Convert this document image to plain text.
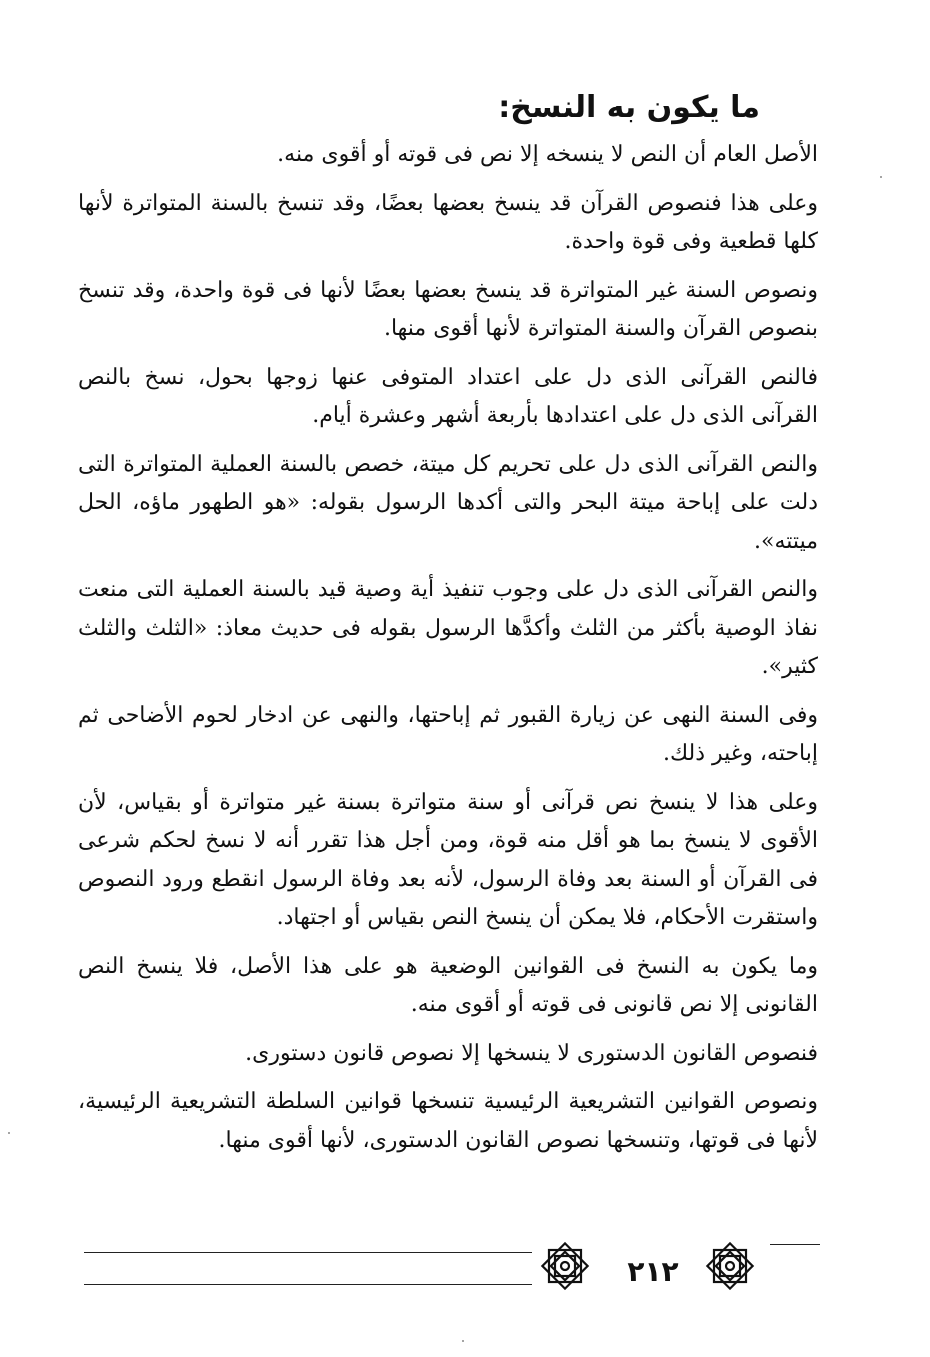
ما يكون به النسخ:

الأصل العام أن النص لا ينسخه إلا نص فى قوته أو أقوى منه.

وعلى هذا فنصوص القرآن قد ينسخ بعضها بعضًا، وقد تنسخ بالسنة المتواترة لأنها كلها قطعية وفى قوة واحدة.

ونصوص السنة غير المتواترة قد ينسخ بعضها بعضًا لأنها فى قوة واحدة، وقد تنسخ بنصوص القرآن والسنة المتواترة لأنها أقوى منها.

فالنص القرآنى الذى دل على اعتداد المتوفى عنها زوجها بحول، نسخ بالنص القرآنى الذى دل على اعتدادها بأربعة أشهر وعشرة أيام.

والنص القرآنى الذى دل على تحريم كل ميتة، خصص بالسنة العملية المتواترة التى دلت على إباحة ميتة البحر والتى أكدها الرسول بقوله: «هو الطهور ماؤه، الحل ميتته».

والنص القرآنى الذى دل على وجوب تنفيذ أية وصية قيد بالسنة العملية التى منعت نفاذ الوصية بأكثر من الثلث وأكدَّها الرسول بقوله فى حديث معاذ: «الثلث والثلث كثير».

وفى السنة النهى عن زيارة القبور ثم إباحتها، والنهى عن ادخار لحوم الأضاحى ثم إباحته، وغير ذلك.

وعلى هذا لا ينسخ نص قرآنى أو سنة متواترة بسنة غير متواترة أو بقياس، لأن الأقوى لا ينسخ بما هو أقل منه قوة، ومن أجل هذا تقرر أنه لا نسخ لحكم شرعى فى القرآن أو السنة بعد وفاة الرسول، لأنه بعد وفاة الرسول انقطع ورود النصوص واستقرت الأحكام، فلا يمكن أن ينسخ النص بقياس أو اجتهاد.

وما يكون به النسخ فى القوانين الوضعية هو على هذا الأصل، فلا ينسخ النص القانونى إلا نص قانونى فى قوته أو أقوى منه.

فنصوص القانون الدستورى لا ينسخها إلا نصوص قانون دستورى.

ونصوص القوانين التشريعية الرئيسية تنسخها قوانين السلطة التشريعية الرئيسية، لأنها فى قوتها، وتنسخها نصوص القانون الدستورى، لأنها أقوى منها.

٢١٢
